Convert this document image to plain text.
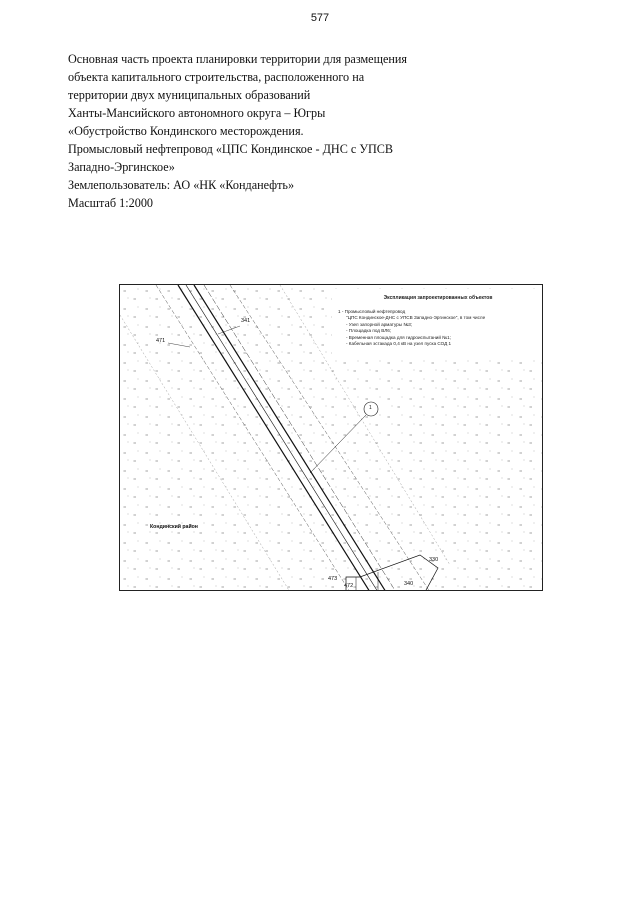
577
Основная часть проекта планировки территории для размещения
объекта капитального строительства, расположенного на
территории двух муниципальных образований
Ханты-Мансийского автономного округа – Югры
«Обустройство Кондинского месторождения.
Промысловый нефтепровод «ЦПС Кондинское - ДНС с УПСВ
Западно-Эргинское»
Землепользователь: АО «НК «Конданефть»
Масштаб 1:2000
Экспликация запроектированных объектов
1 - Промысловый нефтепровод
"ЦПС Кондинское-ДНС с УПСВ Западно-Эргинское", в том числе
- Узел запорной арматуры №3;
- Площадка под ВЛ6;
- Временная площадка для гидроиспытаний №1;
- Кабельная эстакада 0,4 кВ на узел пуска СОД 1
Кондинский район
341
471
1
330
473
472	340
